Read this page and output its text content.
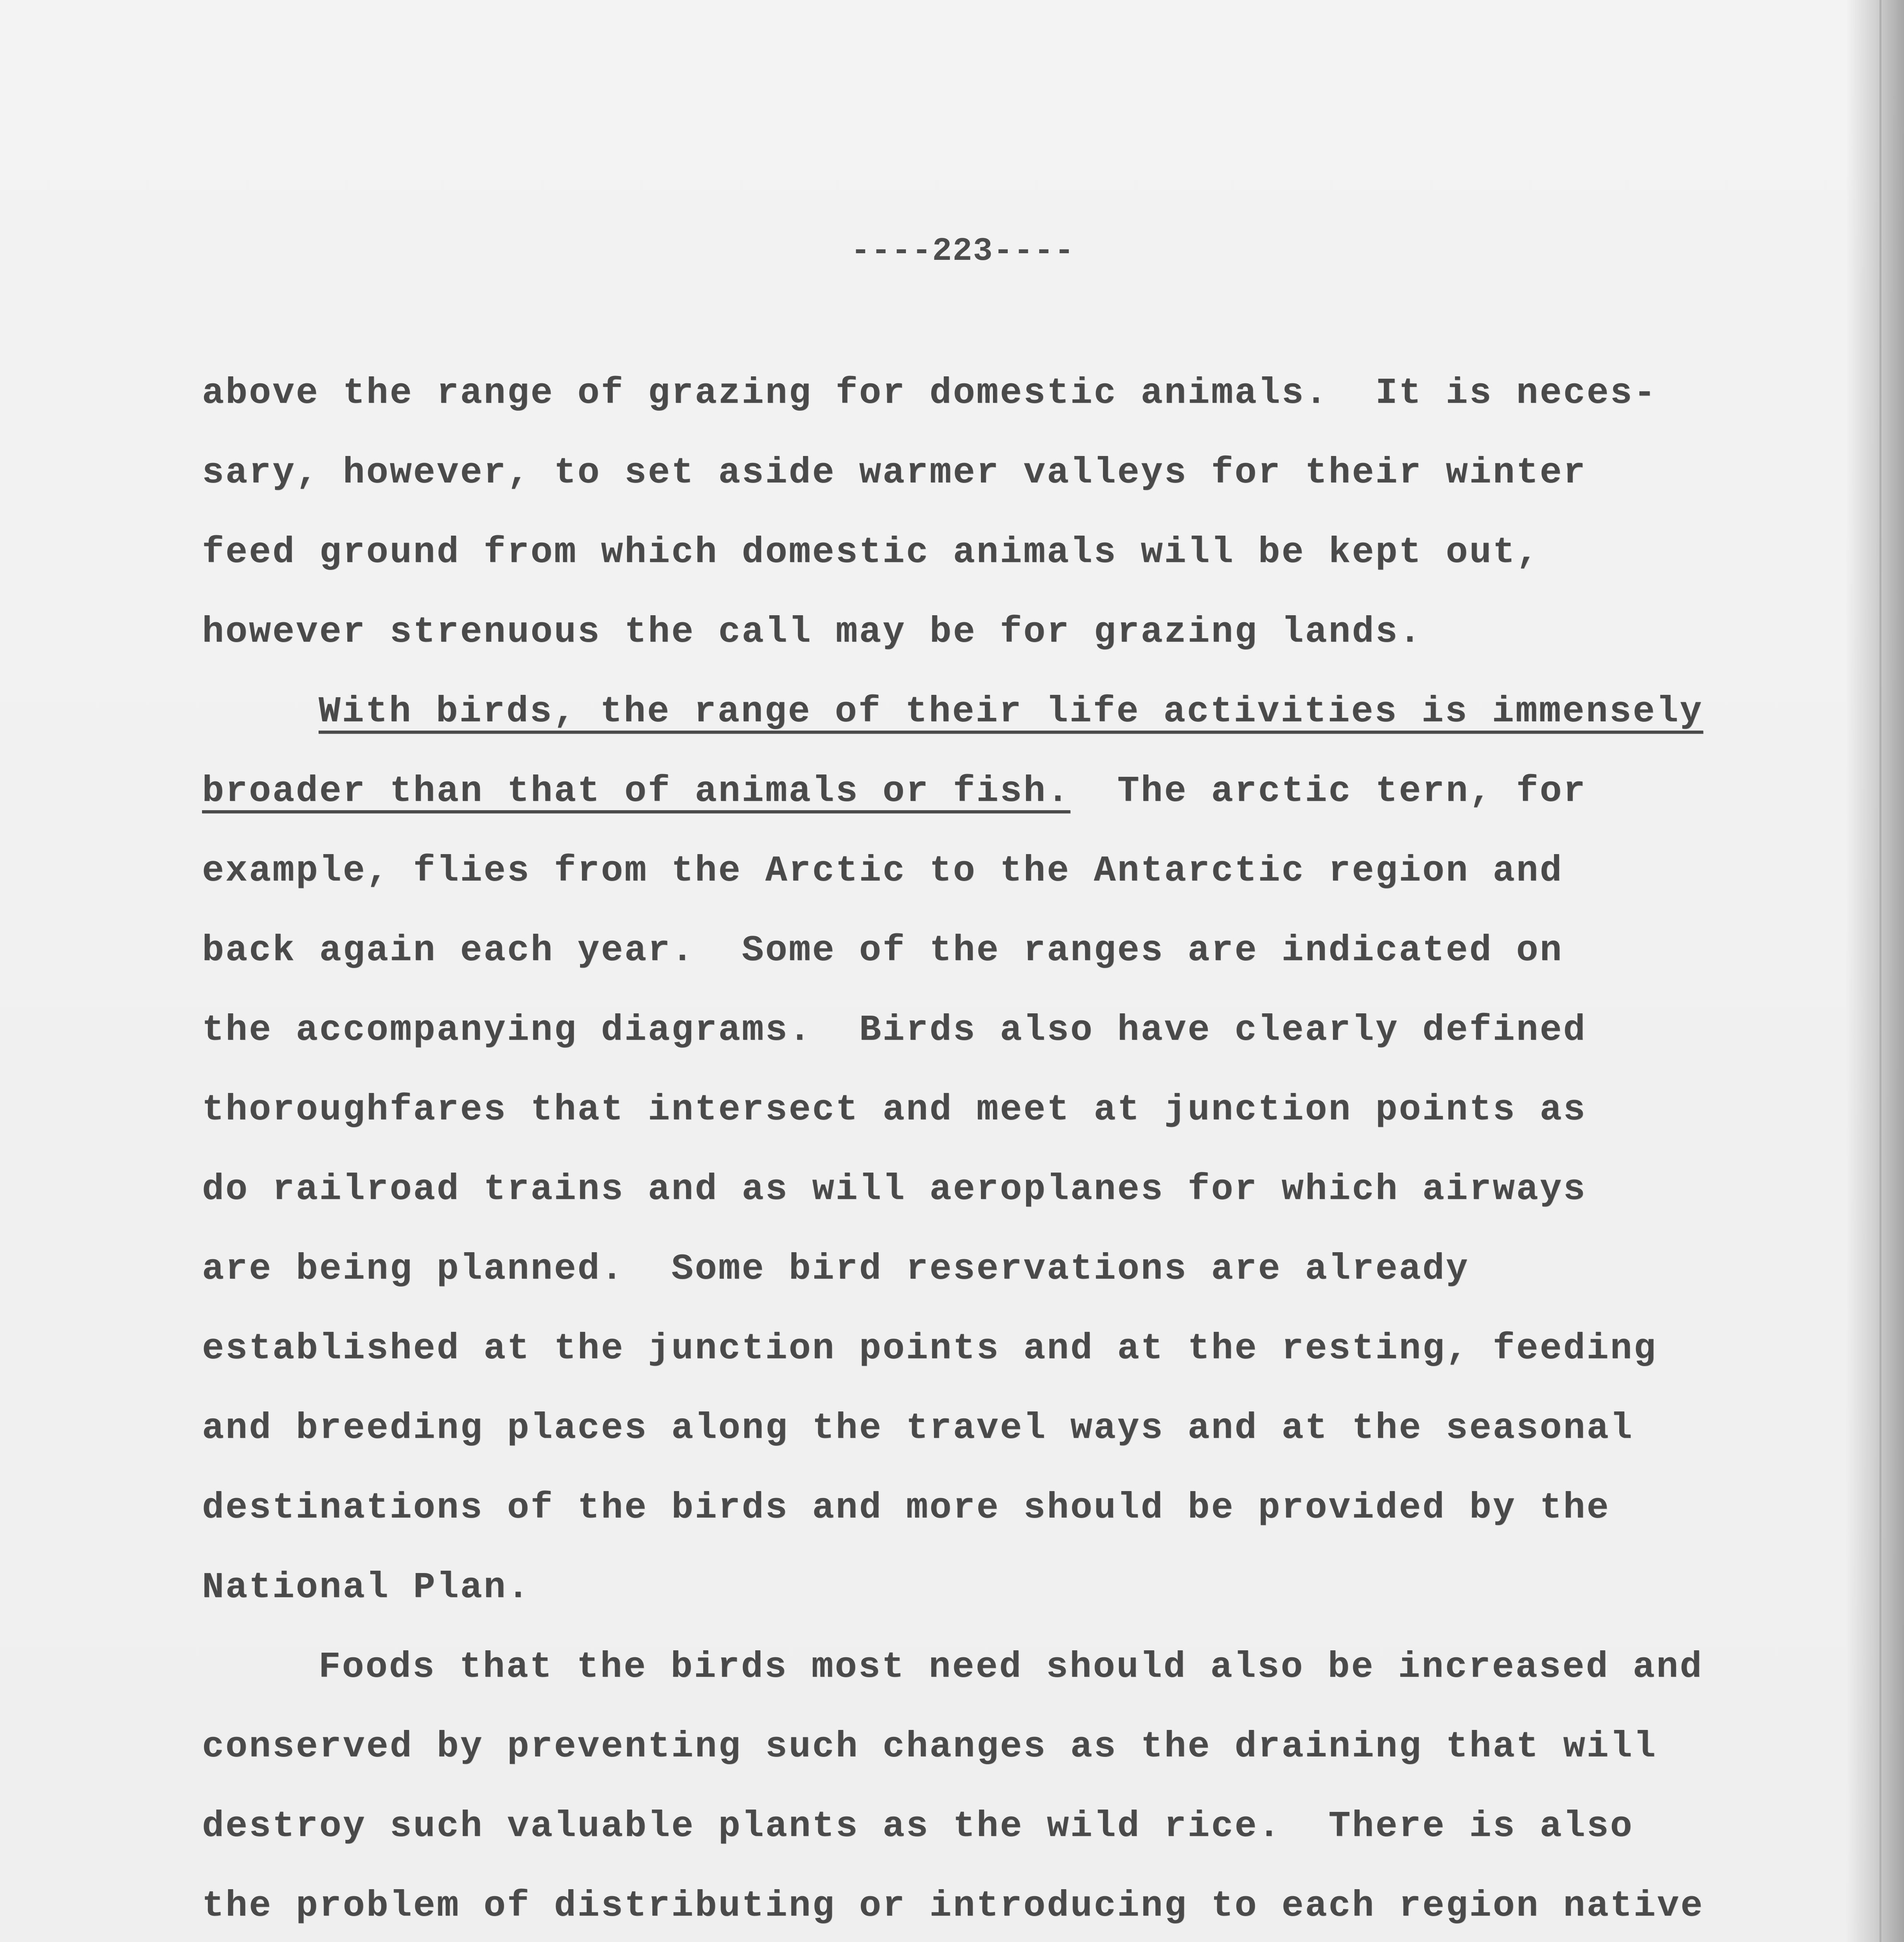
----223----
above the range of grazing for domestic animals.  It is neces-
sary, however, to set aside warmer valleys for their winter
feed ground from which domestic animals will be kept out,
however strenuous the call may be for grazing lands.
With birds, the range of their life activities is immensely
broader than that of animals or fish.  The arctic tern, for
example, flies from the Arctic to the Antarctic region and
back again each year.  Some of the ranges are indicated on
the accompanying diagrams.  Birds also have clearly defined
thoroughfares that intersect and meet at junction points as
do railroad trains and as will aeroplanes for which airways
are being planned.  Some bird reservations are already
established at the junction points and at the resting, feeding
and breeding places along the travel ways and at the seasonal
destinations of the birds and more should be provided by the
National Plan.
Foods that the birds most need should also be increased and
conserved by preventing such changes as the draining that will
destroy such valuable plants as the wild rice.  There is also
the problem of distributing or introducing to each region native
